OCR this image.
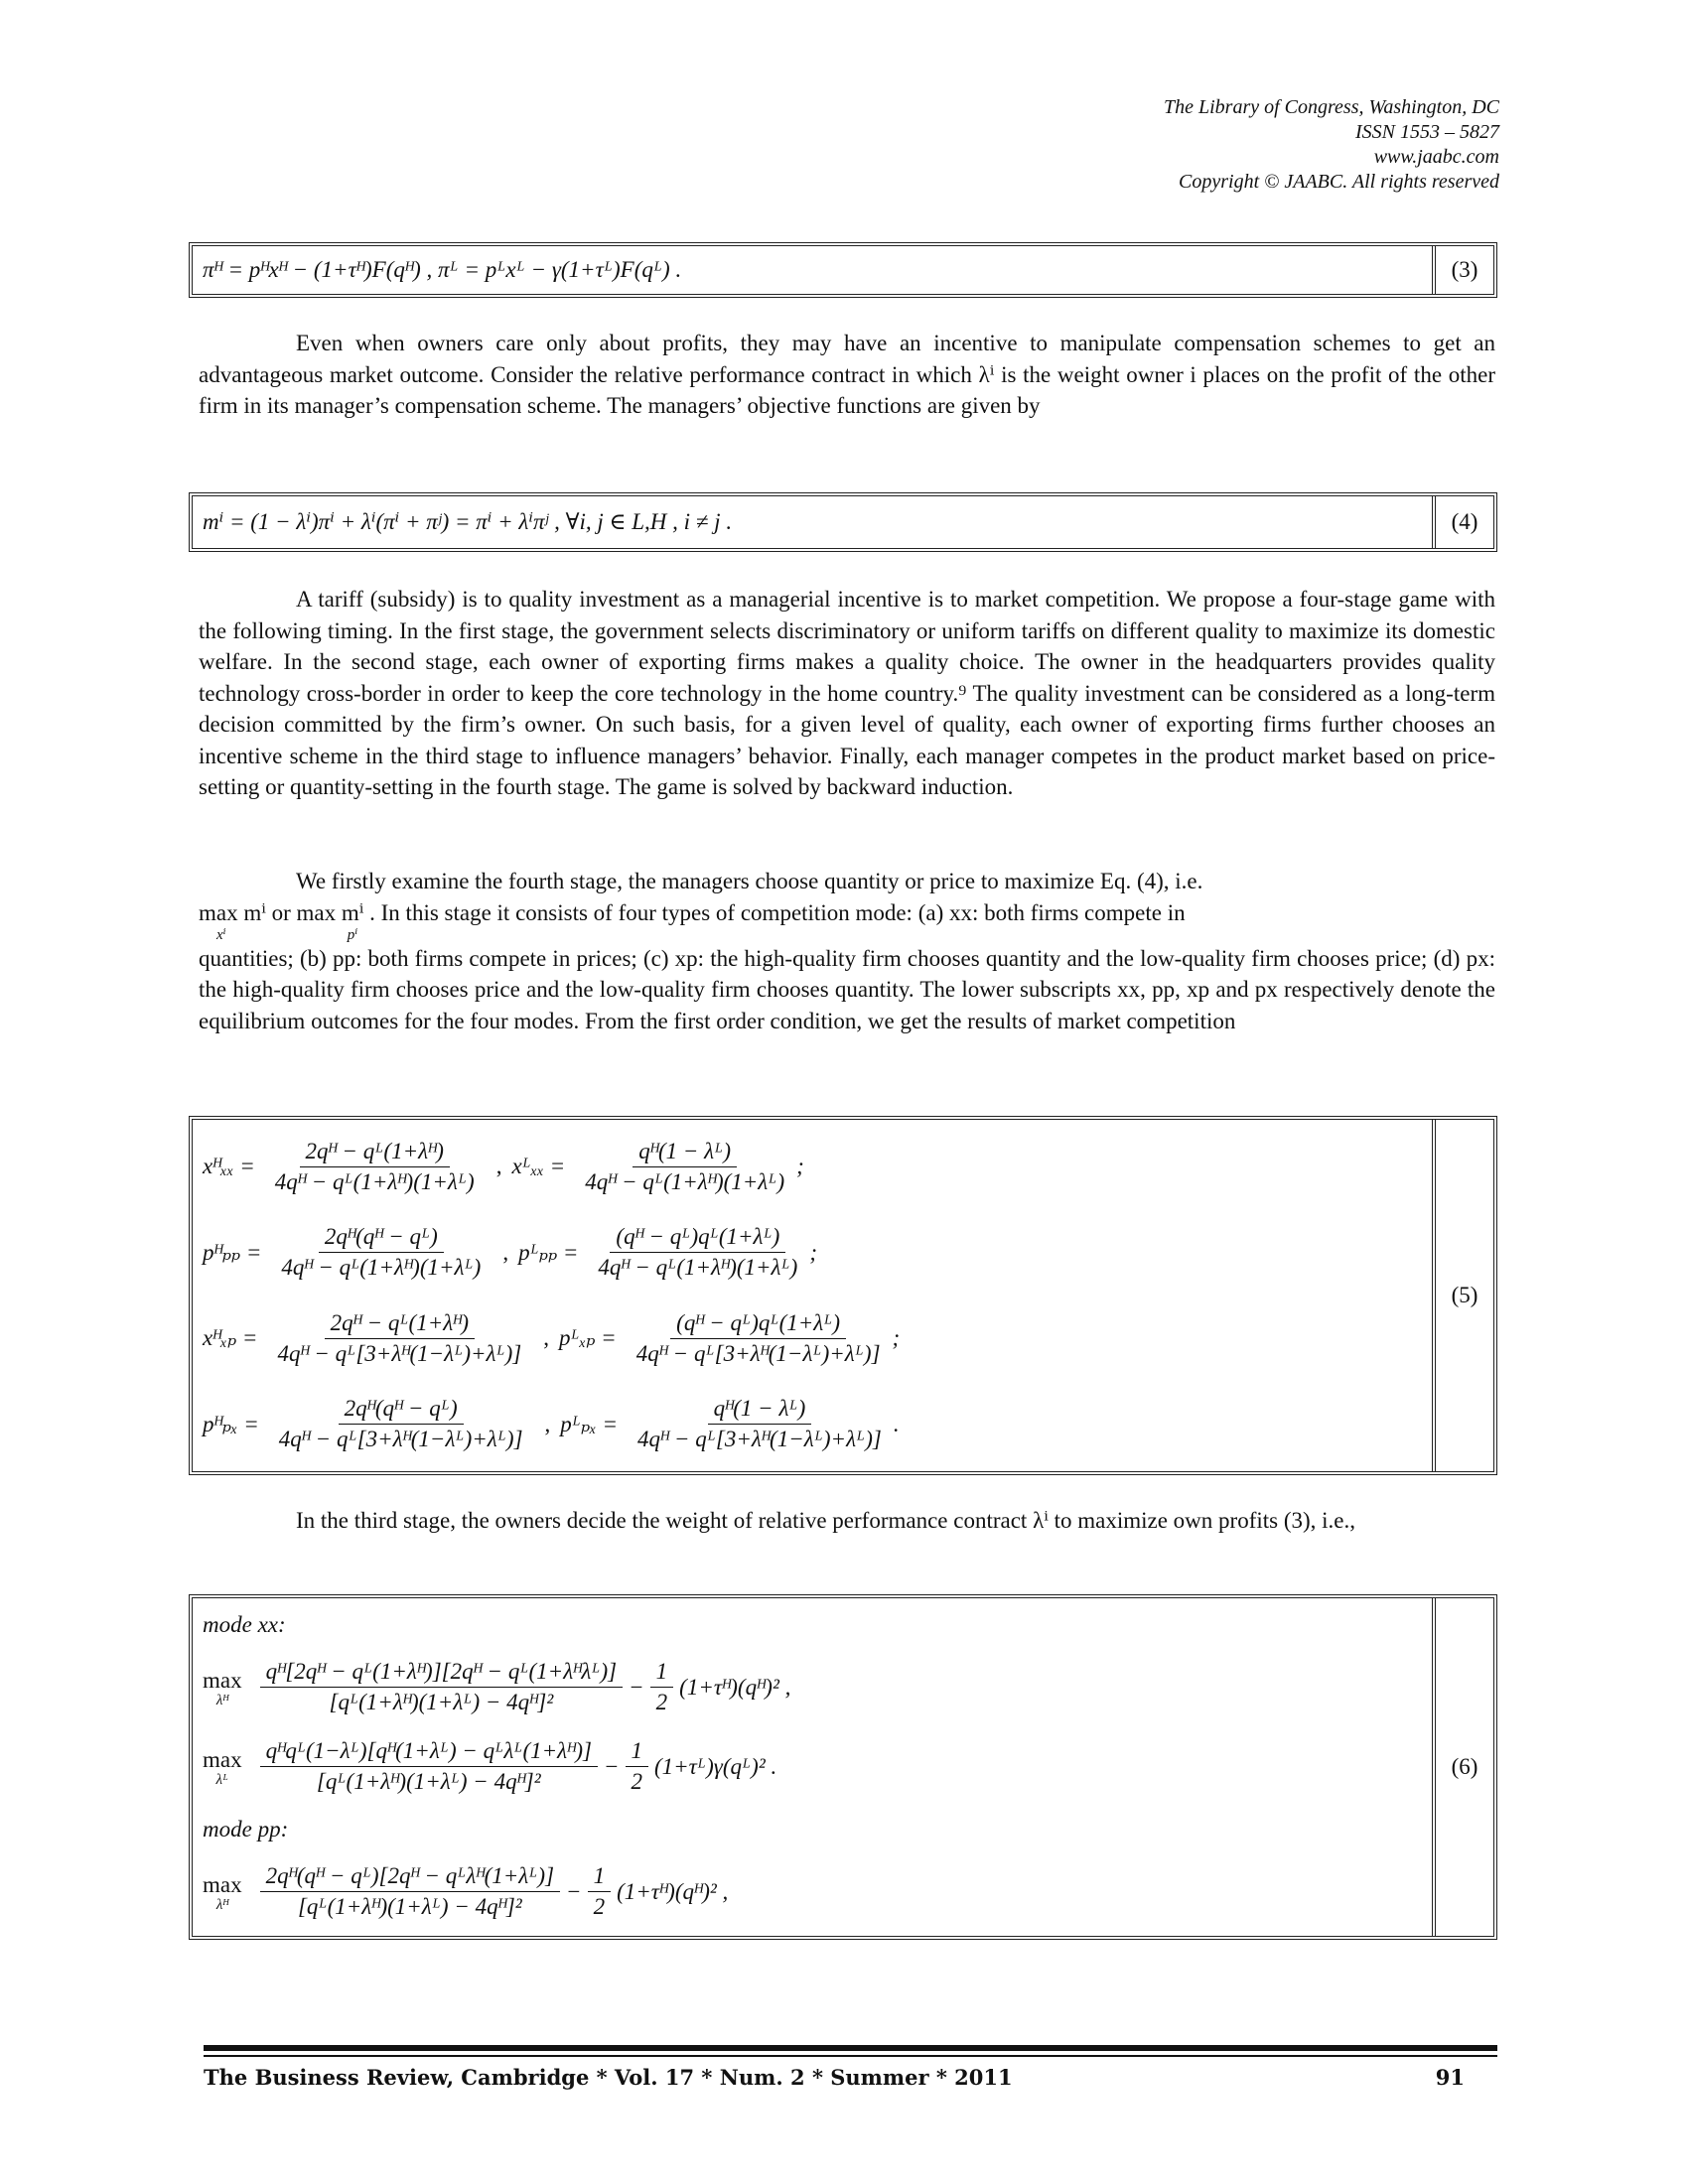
The Library of Congress, Washington, DC
ISSN 1553 – 5827
www.jaabc.com
Copyright © JAABC. All rights reserved
πᴴ = pᴴxᴴ − (1+τᴴ)F(qᴴ) , πᴸ = pᴸxᴸ − γ(1+τᴸ)F(qᴸ) .	(3)
Even when owners care only about profits, they may have an incentive to manipulate compensation schemes to get an advantageous market outcome. Consider the relative performance contract in which λⁱ is the weight owner i places on the profit of the other firm in its manager’s compensation scheme. The managers’ objective functions are given by
mⁱ = (1 − λⁱ)πⁱ + λⁱ(πⁱ + πʲ) = πⁱ + λⁱπʲ , ∀i, j ∈ L,H , i ≠ j .	(4)
A tariff (subsidy) is to quality investment as a managerial incentive is to market competition. We propose a four-stage game with the following timing. In the first stage, the government selects discriminatory or uniform tariffs on different quality to maximize its domestic welfare. In the second stage, each owner of exporting firms makes a quality choice. The owner in the headquarters provides quality technology cross-border in order to keep the core technology in the home country.⁹ The quality investment can be considered as a long-term decision committed by the firm’s owner. On such basis, for a given level of quality, each owner of exporting firms further chooses an incentive scheme in the third stage to influence managers’ behavior. Finally, each manager competes in the product market based on price-setting or quantity-setting in the fourth stage. The game is solved by backward induction.
We firstly examine the fourth stage, the managers choose quantity or price to maximize Eq. (4), i.e.
max mⁱ or max mⁱ . In this stage it consists of four types of competition mode: (a) xx: both firms compete in
xⁱ	pⁱ
quantities; (b) pp: both firms compete in prices; (c) xp: the high-quality firm chooses quantity and the low-quality firm chooses price; (d) px: the high-quality firm chooses price and the low-quality firm chooses quantity. The lower subscripts xx, pp, xp and px respectively denote the equilibrium outcomes for the four modes. From the first order condition, we get the results of market competition
xᴴₓₓ = $\frac{\text{2qᴴ − qᴸ(1+λᴴ)}}{\text{4qᴴ − qᴸ(1+λᴴ)(1+λᴸ)}}$ , xᴸₓₓ = $\frac{\text{qᴴ(1 − λᴸ)}}{\text{4qᴴ − qᴸ(1+λᴴ)(1+λᴸ)}}$ ;
pᴴₚₚ = $\frac{\text{2qᴴ(qᴴ − qᴸ)}}{\text{4qᴴ − qᴸ(1+λᴴ)(1+λᴸ)}}$ , pᴸₚₚ = $\frac{\text{(qᴴ − qᴸ)qᴸ(1+λᴸ)}}{\text{4qᴴ − qᴸ(1+λᴴ)(1+λᴸ)}}$ ;
xᴴₓₚ = $\frac{\text{2qᴴ − qᴸ(1+λᴴ)}}{\text{4qᴴ − qᴸ[3+λᴴ(1−λᴸ)+λᴸ)]}}$ , pᴸₓₚ = $\frac{\text{(qᴴ − qᴸ)qᴸ(1+λᴸ)}}{\text{4qᴴ − qᴸ[3+λᴴ(1−λᴸ)+λᴸ)]}}$ ;
pᴴₚₓ = $\frac{\text{2qᴴ(qᴴ − qᴸ)}}{\text{4qᴴ − qᴸ[3+λᴴ(1−λᴸ)+λᴸ)]}}$ , pᴸₚₓ = $\frac{\text{qᴴ(1 − λᴸ)}}{\text{4qᴴ − qᴸ[3+λᴴ(1−λᴸ)+λᴸ)]}}$ .
(5)
In the third stage, the owners decide the weight of relative performance contract λⁱ to maximize own profits (3), i.e.,
mode xx:
max
λᴴ $\frac{\text{qᴴ[2qᴴ − qᴸ(1+λᴴ)][2qᴴ − qᴸ(1+λᴴλᴸ)]}}{\text{[qᴸ(1+λᴴ)(1+λᴸ) − 4qᴴ]²}} - \frac{1}{2}$ (1+τᴴ)(qᴴ)² ,
max
λᴸ $\frac{\text{qᴴqᴸ(1−λᴸ)[qᴴ(1+λᴸ) − qᴸλᴸ(1+λᴴ)]}}{\text{[qᴸ(1+λᴴ)(1+λᴸ) − 4qᴴ]²}} - \frac{1}{2}$ (1+τᴸ)γ(qᴸ)² .
mode pp:
max
λᴴ $\frac{\text{2qᴴ(qᴴ − qᴸ)[2qᴴ − qᴸλᴴ(1+λᴸ)]}}{\text{[qᴸ(1+λᴴ)(1+λᴸ) − 4qᴴ]²}} - \frac{1}{2}$ (1+τᴴ)(qᴴ)² ,
(6)
The Business Review, Cambridge * Vol. 17 * Num. 2 * Summer * 2011	91
